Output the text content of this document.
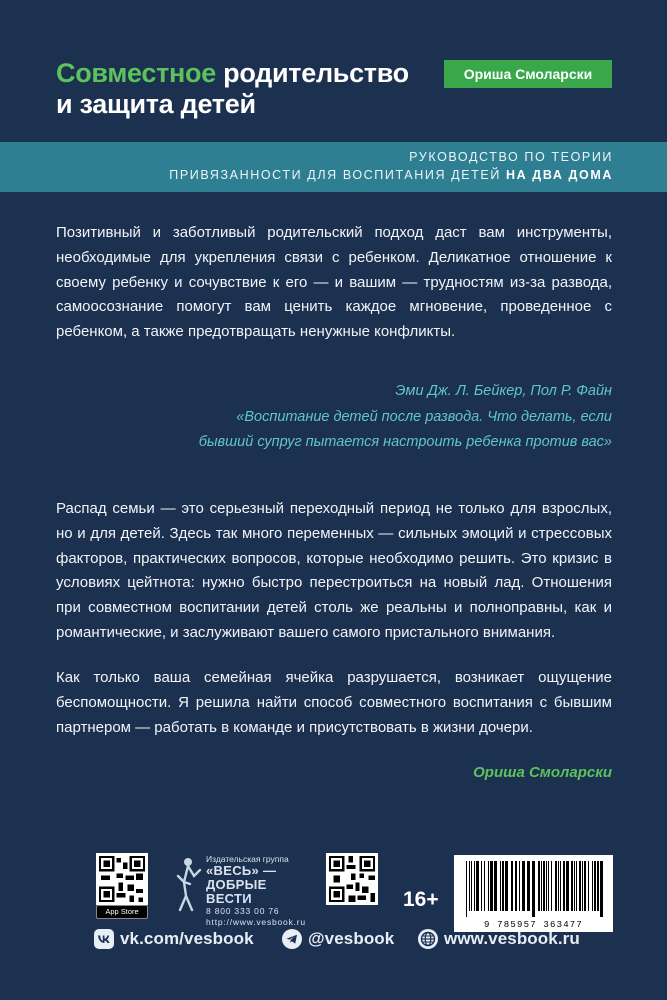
Совместное родительство
и защита детей
Ориша Смоларски
РУКОВОДСТВО ПО ТЕОРИИ
ПРИВЯЗАННОСТИ ДЛЯ ВОСПИТАНИЯ ДЕТЕЙ НА ДВА ДОМА
Позитивный и заботливый родительский подход даст вам инструменты, необходимые для укрепления связи с ребенком. Деликатное отношение к своему ребенку и сочувствие к его — и вашим — трудностям из-за развода, самоосознание помогут вам ценить каждое мгновение, проведенное с ребенком, а также предотвращать ненужные конфликты.
Эми Дж. Л. Бейкер, Пол Р. Файн
«Воспитание детей после развода. Что делать, если
бывший супруг пытается настроить ребенка против вас»
Распад семьи — это серьезный переходный период не только для взрослых, но и для детей. Здесь так много переменных — сильных эмоций и стрессовых факторов, практических вопросов, которые необходимо решить. Это кризис в условиях цейтнота: нужно быстро перестроиться на новый лад. Отношения при совместном воспитании детей столь же реальны и полноправны, как и романтические, и заслуживают вашего самого пристального внимания.
Как только ваша семейная ячейка разрушается, возникает ощущение беспомощности. Я решила найти способ совместного воспитания с бывшим партнером — работать в команде и присутствовать в жизни дочери.
Ориша Смоларски
App Store
Издательская группа
«ВЕСЬ» —
ДОБРЫЕ ВЕСТИ
8 800 333 00 76
http://www.vesbook.ru
16+
9 785957 363477
vk.com/vesbook	@vesbook	www.vesbook.ru
